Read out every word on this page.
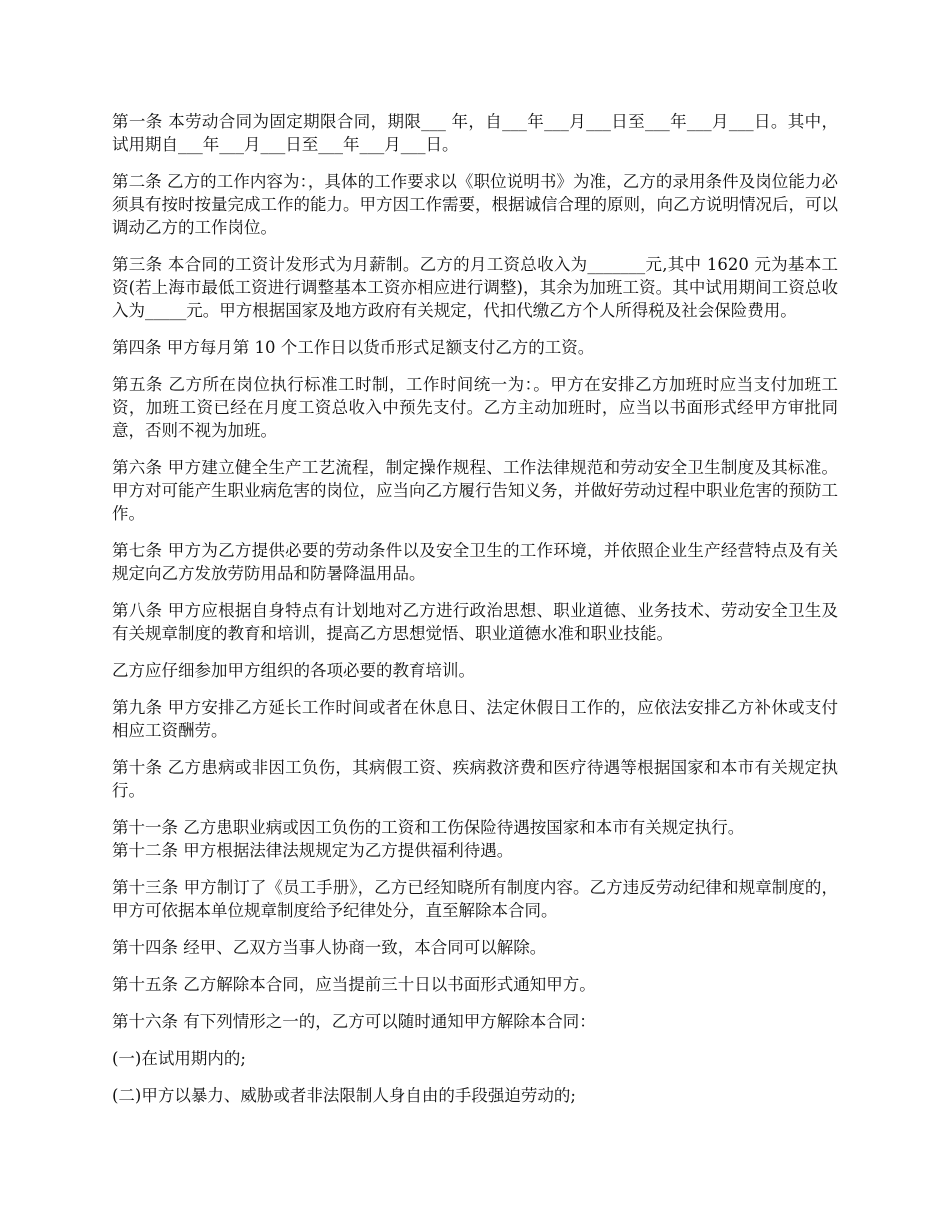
第一条 本劳动合同为固定期限合同，期限___ 年，自___年___月___日至___年___月___日。其中，试用期自___年___月___日至___年___月___日。

第二条 乙方的工作内容为：，具体的工作要求以《职位说明书》为准，乙方的录用条件及岗位能力必须具有按时按量完成工作的能力。甲方因工作需要，根据诚信合理的原则，向乙方说明情况后，可以调动乙方的工作岗位。

第三条 本合同的工资计发形式为月薪制。乙方的月工资总收入为_______元,其中 1620 元为基本工资(若上海市最低工资进行调整基本工资亦相应进行调整)，其余为加班工资。其中试用期间工资总收入为_____元。甲方根据国家及地方政府有关规定，代扣代缴乙方个人所得税及社会保险费用。

第四条 甲方每月第 10 个工作日以货币形式足额支付乙方的工资。

第五条 乙方所在岗位执行标准工时制，工作时间统一为：。甲方在安排乙方加班时应当支付加班工资，加班工资已经在月度工资总收入中预先支付。乙方主动加班时，应当以书面形式经甲方审批同意，否则不视为加班。

第六条 甲方建立健全生产工艺流程，制定操作规程、工作法律规范和劳动安全卫生制度及其标准。甲方对可能产生职业病危害的岗位，应当向乙方履行告知义务，并做好劳动过程中职业危害的预防工作。

第七条 甲方为乙方提供必要的劳动条件以及安全卫生的工作环境，并依照企业生产经营特点及有关规定向乙方发放劳防用品和防暑降温用品。

第八条 甲方应根据自身特点有计划地对乙方进行政治思想、职业道德、业务技术、劳动安全卫生及有关规章制度的教育和培训，提高乙方思想觉悟、职业道德水准和职业技能。

乙方应仔细参加甲方组织的各项必要的教育培训。

第九条 甲方安排乙方延长工作时间或者在休息日、法定休假日工作的，应依法安排乙方补休或支付相应工资酬劳。

第十条 乙方患病或非因工负伤，其病假工资、疾病救济费和医疗待遇等根据国家和本市有关规定执行。

第十一条 乙方患职业病或因工负伤的工资和工伤保险待遇按国家和本市有关规定执行。

第十二条 甲方根据法律法规规定为乙方提供福利待遇。

第十三条 甲方制订了《员工手册》，乙方已经知晓所有制度内容。乙方违反劳动纪律和规章制度的，甲方可依据本单位规章制度给予纪律处分，直至解除本合同。

第十四条 经甲、乙双方当事人协商一致，本合同可以解除。

第十五条 乙方解除本合同，应当提前三十日以书面形式通知甲方。

第十六条 有下列情形之一的，乙方可以随时通知甲方解除本合同：

(一)在试用期内的;

(二)甲方以暴力、威胁或者非法限制人身自由的手段强迫劳动的;
